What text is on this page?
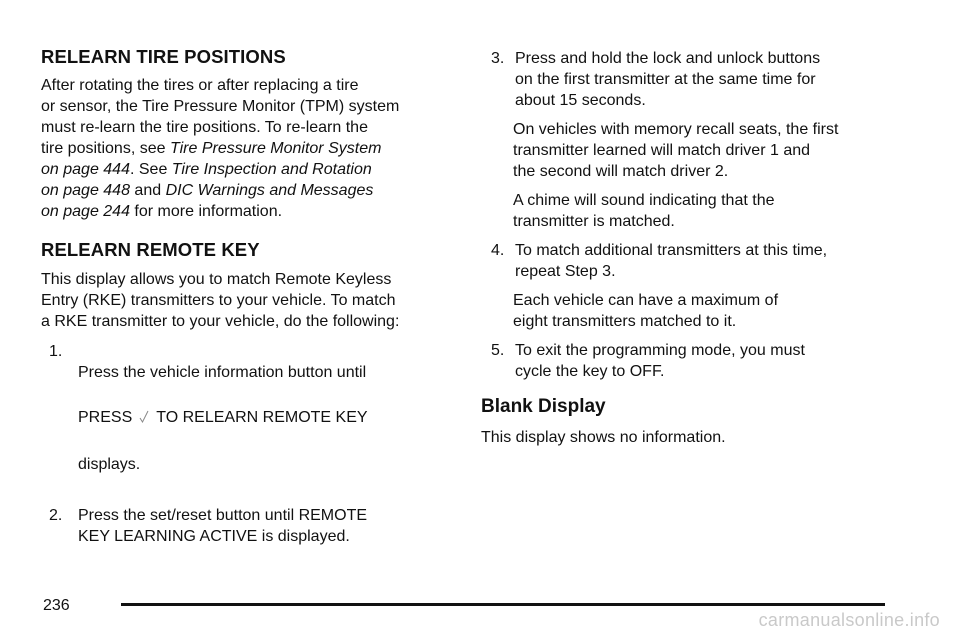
RELEARN TIRE POSITIONS

After rotating the tires or after replacing a tire
or sensor, the Tire Pressure Monitor (TPM) system
must re-learn the tire positions. To re-learn the
tire positions, see Tire Pressure Monitor System
on page 444. See Tire Inspection and Rotation
on page 448 and DIC Warnings and Messages
on page 244 for more information.

RELEARN REMOTE KEY

This display allows you to match Remote Keyless
Entry (RKE) transmitters to your vehicle. To match
a RKE transmitter to your vehicle, do the following:

1.

Press the vehicle information button until

PRESS TO RELEARN REMOTE KEY

displays.

2. Press the set/reset button until REMOTE
KEY LEARNING ACTIVE is displayed.
3. Press and hold the lock and unlock buttons
on the first transmitter at the same time for
about 15 seconds.

On vehicles with memory recall seats, the first
transmitter learned will match driver 1 and
the second will match driver 2.

A chime will sound indicating that the
transmitter is matched.

4. To match additional transmitters at this time,
repeat Step 3.

Each vehicle can have a maximum of
eight transmitters matched to it.

5. To exit the programming mode, you must
cycle the key to OFF.
Blank Display

This display shows no information.

236
carmanualsonline.info
